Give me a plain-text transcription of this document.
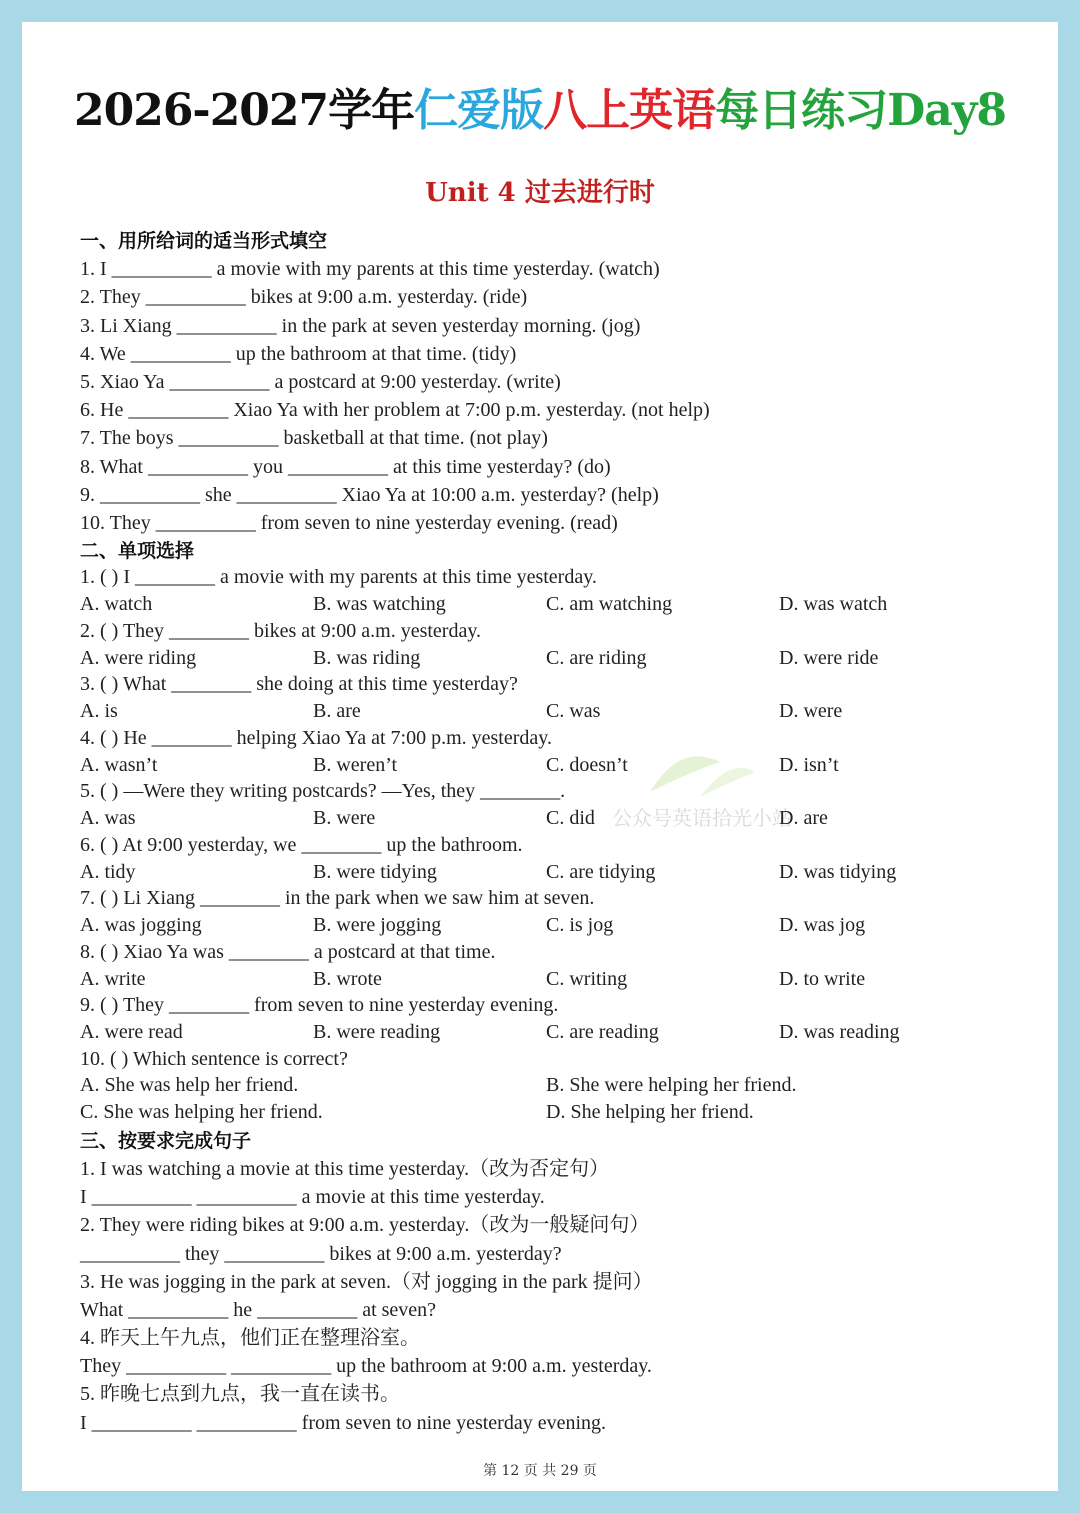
2026-2027学年仁爱版八上英语每日练习Day8
Unit 4 过去进行时
公众号英语拾光小站
一、用所给词的适当形式填空
1. I __________ a movie with my parents at this time yesterday. (watch)
2. They __________ bikes at 9:00 a.m. yesterday. (ride)
3. Li Xiang __________ in the park at seven yesterday morning. (jog)
4. We __________ up the bathroom at that time. (tidy)
5. Xiao Ya __________ a postcard at 9:00 yesterday. (write)
6. He __________ Xiao Ya with her problem at 7:00 p.m. yesterday. (not help)
7. The boys __________ basketball at that time. (not play)
8. What __________ you __________ at this time yesterday? (do)
9. __________ she __________ Xiao Ya at 10:00 a.m. yesterday? (help)
10. They __________ from seven to nine yesterday evening. (read)
二、单项选择
1. ( ) I ________ a movie with my parents at this time yesterday.
A. watch	B. was watching	C. am watching	D. was watch
2. ( ) They ________ bikes at 9:00 a.m. yesterday.
A. were riding	B. was riding	C. are riding	D. were ride
3. ( ) What ________ she doing at this time yesterday?
A. is	B. are	C. was	D. were
4. ( ) He ________ helping Xiao Ya at 7:00 p.m. yesterday.
A. wasn’t	B. weren’t	C. doesn’t	D. isn’t
5. ( ) —Were they writing postcards? —Yes, they ________.
A. was	B. were	C. did	D. are
6. ( ) At 9:00 yesterday, we ________ up the bathroom.
A. tidy	B. were tidying	C. are tidying	D. was tidying
7. ( ) Li Xiang ________ in the park when we saw him at seven.
A. was jogging	B. were jogging	C. is jog	D. was jog
8. ( ) Xiao Ya was ________ a postcard at that time.
A. write	B. wrote	C. writing	D. to write
9. ( ) They ________ from seven to nine yesterday evening.
A. were read	B. were reading	C. are reading	D. was reading
10. ( ) Which sentence is correct?
A. She was help her friend.	B. She were helping her friend.
C. She was helping her friend.	D. She helping her friend.
三、按要求完成句子
1. I was watching a movie at this time yesterday.（改为否定句）
I __________ __________ a movie at this time yesterday.
2. They were riding bikes at 9:00 a.m. yesterday.（改为一般疑问句）
__________ they __________ bikes at 9:00 a.m. yesterday?
3. He was jogging in the park at seven.（对 jogging in the park 提问）
What __________ he __________ at seven?
4. 昨天上午九点，他们正在整理浴室。
They __________ __________ up the bathroom at 9:00 a.m. yesterday.
5. 昨晚七点到九点，我一直在读书。
I __________ __________ from seven to nine yesterday evening.
第 12 页 共 29 页
